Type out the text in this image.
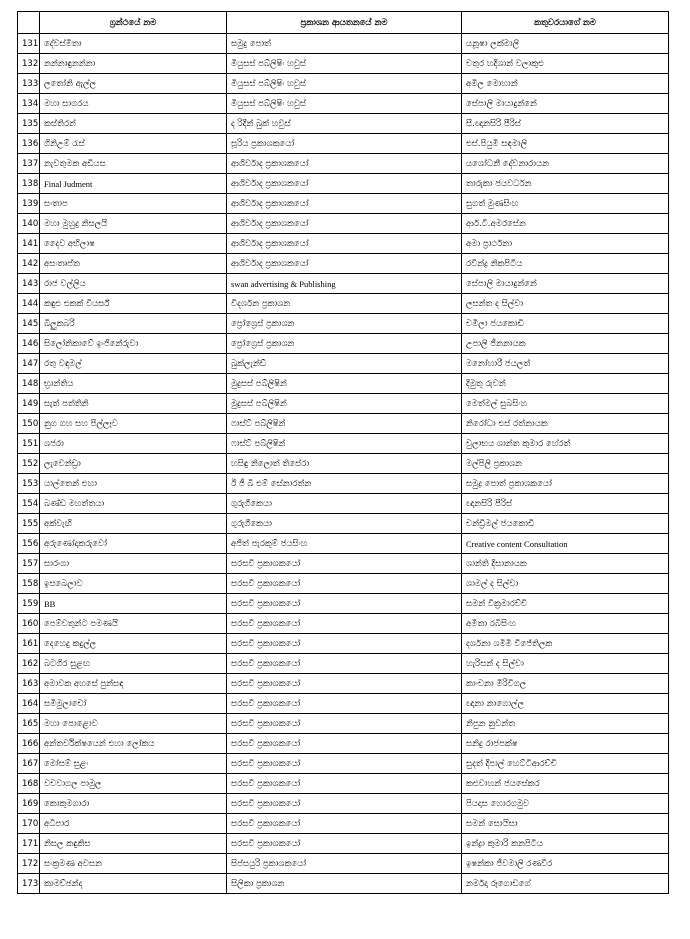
	ග්‍රන්ථයේ නම	ප්‍රකාශන ආයතනයේ නම	කතුවරයාගේ නම
131	දේවස්මිතා	සමුදු පොත්	යනූෂා ලක්මාලි
132	නන්නාඳුනන්නා	මියුසස් පබ්ලිෂිං හවුස්	චතුර හදීශාන් වලාකුළු
133	ලතෝනි ඇල්ල	මියුසස් පබ්ලිෂිං හවුස්	අමිල මොහාන්
134	මහා සාගරය	මියුසස් පබ්ලිෂිං හවුස්	සේපාලි මායාදුන්නේ
135	කස්තිරන්	ද රිදීන් බුක් හවුස්	සී.ඥානසිරි පීරිස්
136	ගිනිඋම් රැස්	සූරිය ප්‍රකාශකයෝ	එස්.පියුමි සඳමාලි
137	නැවතුමක අඩියස	ආශිර්වාද ප්‍රකාශකයෝ	යශෝධනී දේවනාරායන
138	Final Judment	ආශිර්වාද ප්‍රකාශකයෝ	තාරුකා ජයවර්ධන
139	සංතාප	ආශිර්වාද ප්‍රකාශකයෝ	සුගත් මුණසිංහ
140	මහා මුහුදු නිසලයි	ආශිර්වාද ප්‍රකාශකයෝ	ආර්.ටී.අමරසේන
141	දෛව අභිලාෂ	ආශිර්වාද ප්‍රකාශකයෝ	අමා ප්‍රාර්ථනා
142	අසංතෘප්ත	ආශිර්වාද ප්‍රකාශකයෝ	රවින්ද්‍ර නිකපිටිය
143	රාජ වල්ලිය	swan advertising & Publishing	සේපාලි මායාදුන්නේ
144	කඳුළු එකක් වියර්ස්	විදර්ශන ප්‍රකාශන	ලසන්ත ද සිල්වා
145	බිලුකබරි	ප්‍රෝග්‍රෙස් ප්‍රකාශන	චමිලා ජයකොඩි
146	සිලෝනිකාවේ ඉංජිනේරුවා	ප්‍රෝග්‍රෙස් ප්‍රකාශන	උපාලි ජීනනායක
147	රතු වඳමල්	බුක්ලැන්ඩ්	මනෝහාරී ජයලත්
148	භ්‍රාන්තිය	මුදුසස් පබ්ලිෂින්	දිමුතු රුවන්
149	සැත් පත්තිනි	මුදුසස් පබ්ලිෂින්	මෙත්මල් සුබසිංහ
150	නුග ගහ සහ පිල්ලෑව	ෆාස්ට් පබ්ලිෂින්	නිරෝධා එස් රත්නායක
151	ශජරා	ෆාස්ට් පබ්ලිෂින්	චුලාභය ශාන්ත කුමාර හේරත්
152	ලැවෙන්ඩ්‍රා	හසිඳු නිලොත් තිසේරා	මල්පිලි ප්‍රකාශන
153	යාල්තෙන් එහා	ඊ ජී බී එම් සේනාරත්න	සමුද්‍ර පොත් ප්‍රකාශකයෝ
154	බණ්ඩ මහත්තයා	ගුරුගීකෙයා	ඥානසිරි පීරිස්
155	අක්වැඟි	ගුරුගීකෙයා	චන්ඩ්‍රිමල් ජයකොඩි
156	අරුණෝදාකරුවෝ	අජිත් පැරකුම් ජයසිංහ	Creative content Consultation
157	සාරංගා	සරසවි ප්‍රකාශකයෝ	ශාන්ති දිසානායක
158	ඉසබෙලාව	සරසවි ප්‍රකාශකයෝ	ශාමල් ද සිල්වා
159	BB	සරසවි ප්‍රකාශකයෝ	සමන් වික්‍රමාරච්චි
160	පෙම්වතුන්ට පමණයි	සරසවි ප්‍රකාශකයෝ	අමිතා රබීසිංහ
161	දෙහෙදු කදුල්ල	සරසවි ප්‍රකාශකයෝ	දර්ශනා ශමිමි විජේතිලක
162	බටගිර සුළඟ	සරසවි ප්‍රකාශකයෝ	හැරිසන් ද සිල්වා
163	අමාවක අහසේ පුන්සඳ	සරසවි ප්‍රකාශකයෝ	කාංචනා මිරිවිගල
164	සමිමුලාචෝ	සරසවි ප්‍රකාශකයෝ	ඥානා නාගොල්ල
165	මහා පොළොව	සරසවි ප්‍රකාශකයෝ	නිපුන නුවන්ත
166	අන්තර්වික්ෂයෙන් එහා ලෝකය	සරසවි ප්‍රකාශකයෝ	සනිදු රාජපක්ෂ
167	මෝසම් සුළං	සරසවි ප්‍රකාශකයෝ	සුදත් දීපාල් හෙට්ටිආරච්චි
168	වචවාගල පාමුල	සරසවි ප්‍රකාශකයෝ	කළුවාහන් ජයසේකර
169	කොකුමගාරා	සරසවි ප්‍රකාශකයෝ	පියදාස හොරගමුව
170	අධිපාර	සරසවි ප්‍රකාශකයෝ	සමන් සොයිසා
171	නිසල කඳුකිස	සරසවි ප්‍රකාශකයෝ	ඉන්ද්‍රා කුමාරි කනපිටිය
172	සංක්‍රමණ අවසන	සිප්සයුරි ප්‍රකාශකයෝ	ඉෂන්කා ජීවමාලි රණවීර
173	කාමච්ඡන්ද	සිලිකා ප්‍රකාශන	නර්මදා රූගොඩගේ
